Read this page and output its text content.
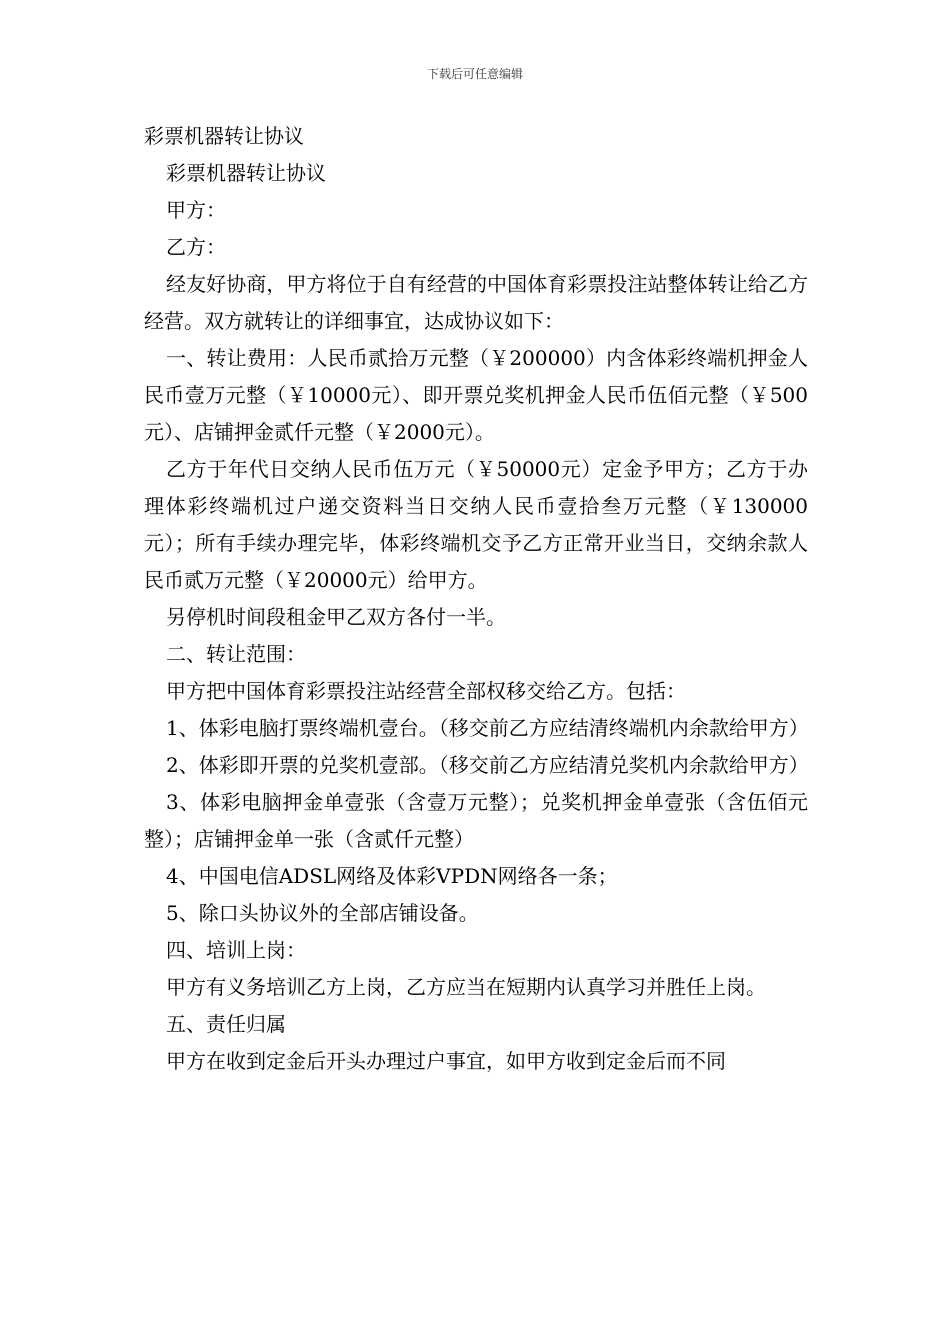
下载后可任意编辑

彩票机器转让协议

彩票机器转让协议

甲方：

乙方：

经友好协商，甲方将位于自有经营的中国体育彩票投注站整体转让给乙方经营。双方就转让的详细事宜，达成协议如下：

一、转让费用：人民币贰拾万元整（￥200000）内含体彩终端机押金人民币壹万元整（￥10000元）、即开票兑奖机押金人民币伍佰元整（￥500元）、店铺押金贰仟元整（￥2000元）。

乙方于年代日交纳人民币伍万元（￥50000元）定金予甲方；乙方于办理体彩终端机过户递交资料当日交纳人民币壹拾叁万元整（￥130000元）；所有手续办理完毕，体彩终端机交予乙方正常开业当日，交纳余款人民币贰万元整（￥20000元）给甲方。

另停机时间段租金甲乙双方各付一半。

二、转让范围：

甲方把中国体育彩票投注站经营全部权移交给乙方。包括：

1、体彩电脑打票终端机壹台。（移交前乙方应结清终端机内余款给甲方）

2、体彩即开票的兑奖机壹部。（移交前乙方应结清兑奖机内余款给甲方）

3、体彩电脑押金单壹张（含壹万元整）；兑奖机押金单壹张（含伍佰元整）；店铺押金单一张（含贰仟元整）

4、中国电信ADSL网络及体彩VPDN网络各一条；

5、除口头协议外的全部店铺设备。

四、培训上岗：

甲方有义务培训乙方上岗，乙方应当在短期内认真学习并胜任上岗。

五、责任归属

甲方在收到定金后开头办理过户事宜，如甲方收到定金后而不同
